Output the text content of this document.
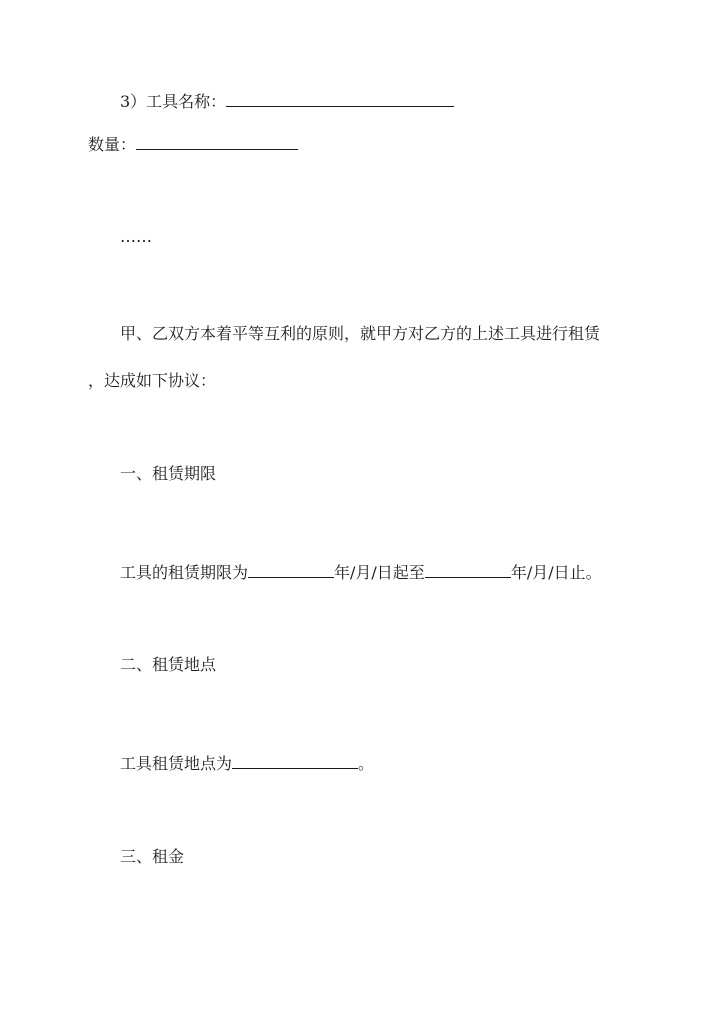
3）工具名称：
数量：
……
甲、乙双方本着平等互利的原则，就甲方对乙方的上述工具进行租赁
，达成如下协议：
一、租赁期限
工具的租赁期限为	年/月/日起至	年/月/日止。
二、租赁地点
工具租赁地点为	。
三、租金
